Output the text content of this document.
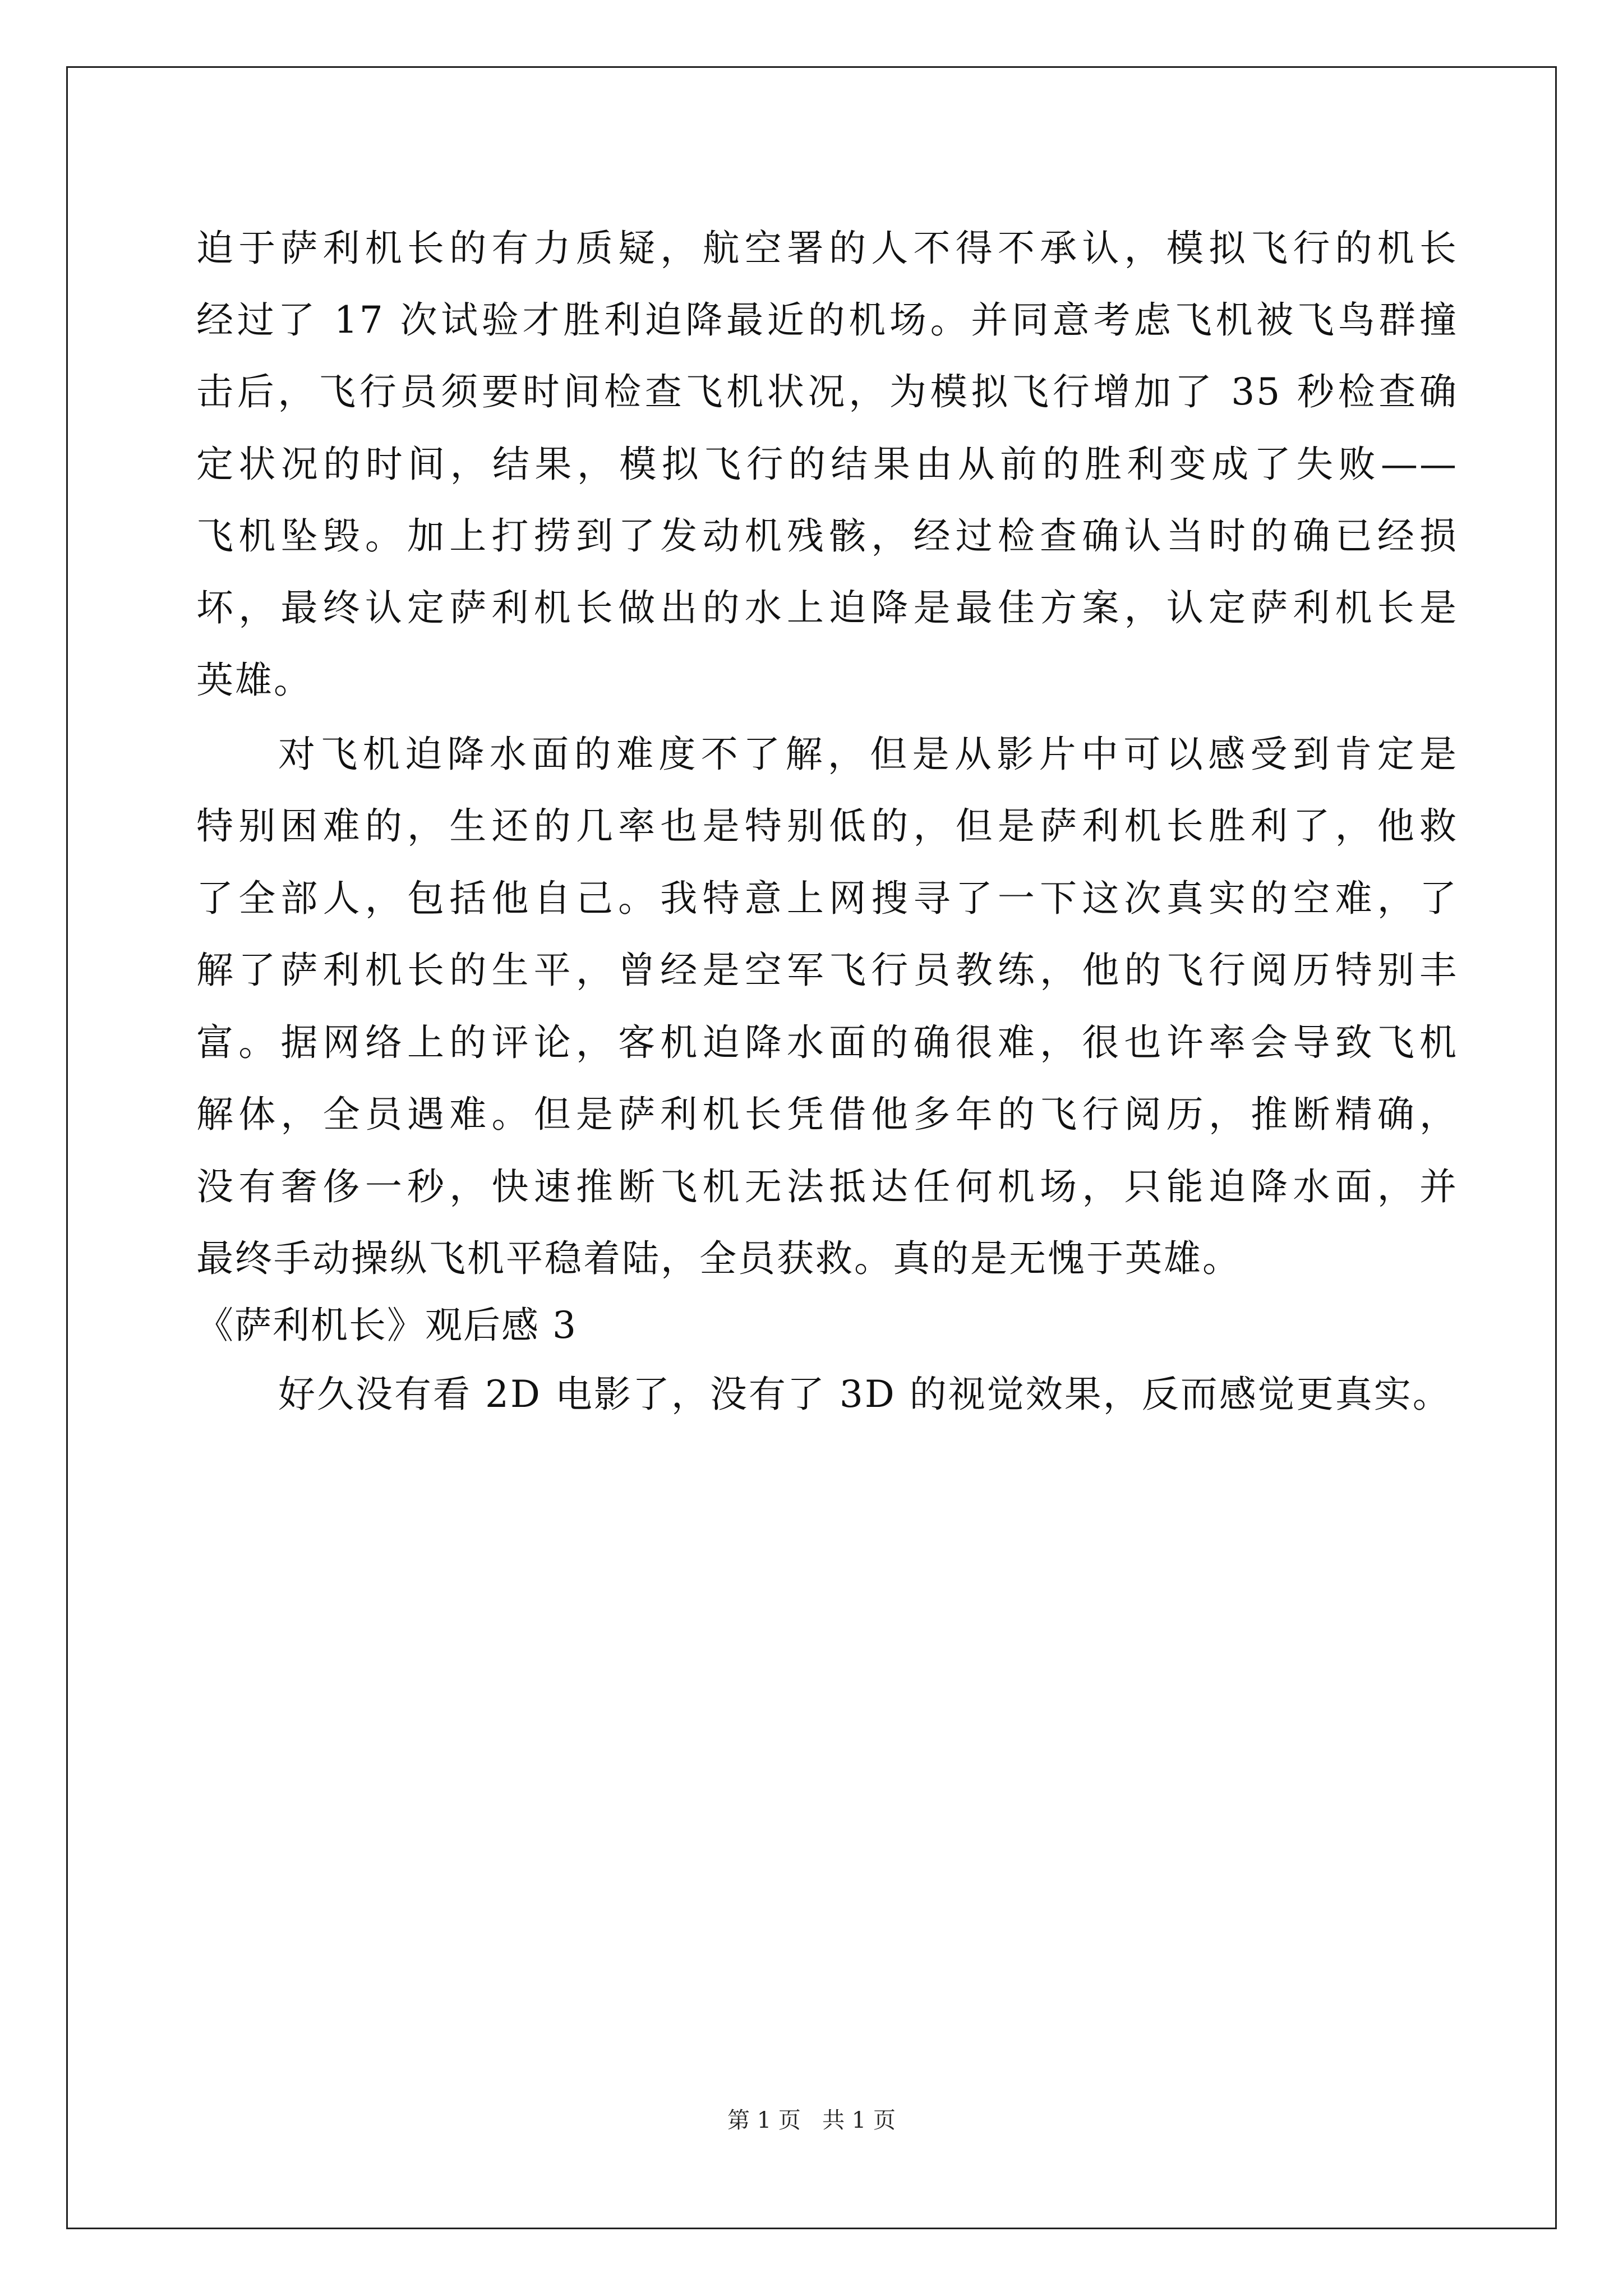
迫于萨利机长的有力质疑，航空署的人不得不承认，模拟飞行的机长
经过了 17 次试验才胜利迫降最近的机场。并同意考虑飞机被飞鸟群撞
击后，飞行员须要时间检查飞机状况，为模拟飞行增加了 35 秒检查确
定状况的时间，结果，模拟飞行的结果由从前的胜利变成了失败——
飞机坠毁。加上打捞到了发动机残骸，经过检查确认当时的确已经损
坏，最终认定萨利机长做出的水上迫降是最佳方案，认定萨利机长是
英雄。
对飞机迫降水面的难度不了解，但是从影片中可以感受到肯定是
特别困难的，生还的几率也是特别低的，但是萨利机长胜利了，他救
了全部人，包括他自己。我特意上网搜寻了一下这次真实的空难，了
解了萨利机长的生平，曾经是空军飞行员教练，他的飞行阅历特别丰
富。据网络上的评论，客机迫降水面的确很难，很也许率会导致飞机
解体，全员遇难。但是萨利机长凭借他多年的飞行阅历，推断精确，
没有奢侈一秒，快速推断飞机无法抵达任何机场，只能迫降水面，并
最终手动操纵飞机平稳着陆，全员获救。真的是无愧于英雄。
《萨利机长》观后感 3
好久没有看 2D 电影了，没有了 3D 的视觉效果，反而感觉更真实。
第 1 页   共 1 页
